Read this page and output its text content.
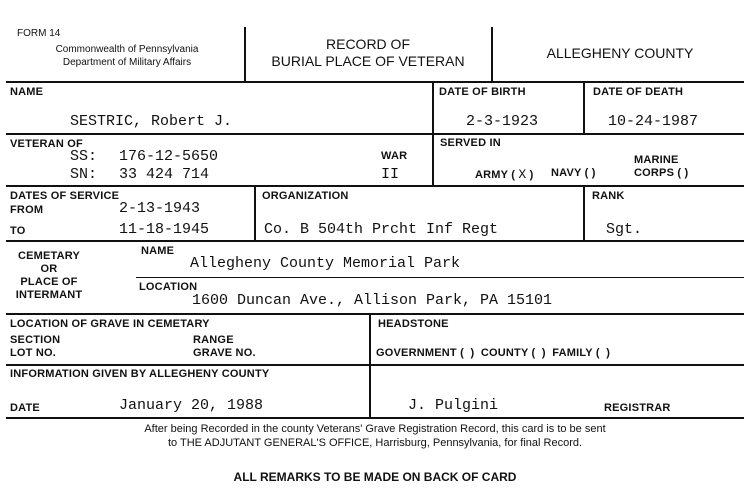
FORM 14
Commonwealth of Pennsylvania
Department of Military Affairs
RECORD OF
BURIAL PLACE OF VETERAN	ALLEGHENY COUNTY
NAME	DATE OF BIRTH	DATE OF DEATH
SESTRIC, Robert J.	2-3-1923	10-24-1987
VETERAN OF
SS: 176-12-5650
SN: 33 424 714
WAR
II
SERVED IN
ARMY ( X ) NAVY ( )
MARINE
CORPS ( )
DATES OF SERVICE
FROM	2-13-1943
TO	11-18-1945
ORGANIZATION
Co. B 504th Prcht Inf Regt
RANK
Sgt.
CEMETARY
OR
PLACE OF
INTERMANT
NAME
Allegheny County Memorial Park
LOCATION
1600 Duncan Ave., Allison Park, PA 15101
LOCATION OF GRAVE IN CEMETARY
SECTION
LOT NO.
RANGE
GRAVE NO.
HEADSTONE
GOVERNMENT (  )  COUNTY (  )  FAMILY (  )
INFORMATION GIVEN BY ALLEGHENY COUNTY
DATE	January 20, 1988	J. Pulgini	REGISTRAR
After being Recorded in the county Veterans' Grave Registration Record, this card is to be sent
to THE ADJUTANT GENERAL'S OFFICE, Harrisburg, Pennsylvania, for final Record.
ALL REMARKS TO BE MADE ON BACK OF CARD
